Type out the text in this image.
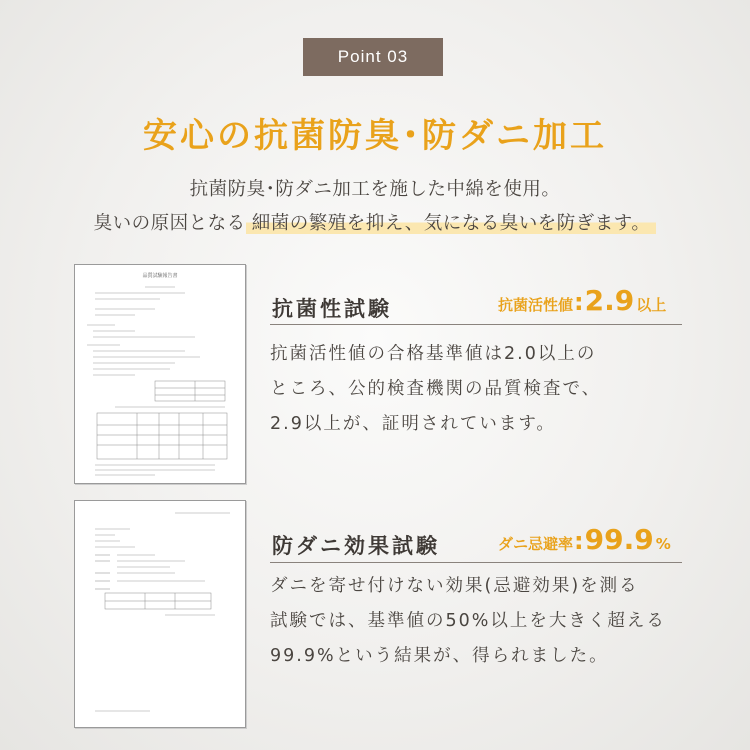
Point 03
安心の抗菌防臭･防ダニ加工
抗菌防臭･防ダニ加工を施した中綿を使用。
臭いの原因となる 細菌の繁殖を抑え、気になる臭いを防ぎます。
品質試験報告書
抗菌性試験	抗菌活性値 : 2.9 以上
抗菌活性値の合格基準値は2.0以上の
ところ、公的検査機関の品質検査で、
2.9以上が、証明されています。
防ダニ効果試験	ダニ忌避率 : 99.9 %
ダニを寄せ付けない効果(忌避効果)を測る
試験では、基準値の50%以上を大きく超える
99.9%という結果が、得られました。
